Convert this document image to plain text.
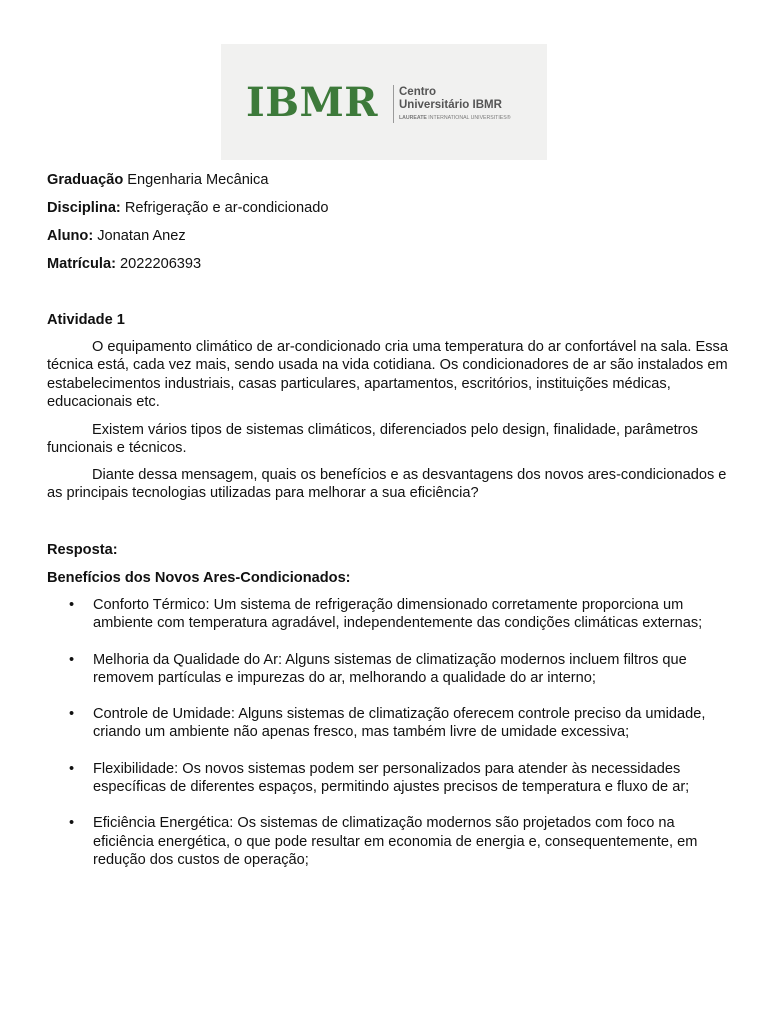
IBMR Centro
Universitário IBMR
LAUREATE INTERNATIONAL UNIVERSITIES®
Graduação Engenharia Mecânica
Disciplina: Refrigeração e ar-condicionado
Aluno: Jonatan Anez
Matrícula: 2022206393
Atividade 1

O equipamento climático de ar-condicionado cria uma temperatura do ar confortável na sala. Essa técnica está, cada vez mais, sendo usada na vida cotidiana. Os condicionadores de ar são instalados em estabelecimentos industriais, casas particulares, apartamentos, escritórios, instituições médicas, educacionais etc.

Existem vários tipos de sistemas climáticos, diferenciados pelo design, finalidade, parâmetros funcionais e técnicos.

Diante dessa mensagem, quais os benefícios e as desvantagens dos novos ares-condicionados e as principais tecnologias utilizadas para melhorar a sua eficiência?

Resposta:
Benefícios dos Novos Ares-Condicionados:
• Conforto Térmico: Um sistema de refrigeração dimensionado corretamente proporciona um ambiente com temperatura agradável, independentemente das condições climáticas externas;
• Melhoria da Qualidade do Ar: Alguns sistemas de climatização modernos incluem filtros que removem partículas e impurezas do ar, melhorando a qualidade do ar interno;
• Controle de Umidade: Alguns sistemas de climatização oferecem controle preciso da umidade, criando um ambiente não apenas fresco, mas também livre de umidade excessiva;
• Flexibilidade: Os novos sistemas podem ser personalizados para atender às necessidades específicas de diferentes espaços, permitindo ajustes precisos de temperatura e fluxo de ar;
• Eficiência Energética: Os sistemas de climatização modernos são projetados com foco na eficiência energética, o que pode resultar em economia de energia e, consequentemente, em redução dos custos de operação;
